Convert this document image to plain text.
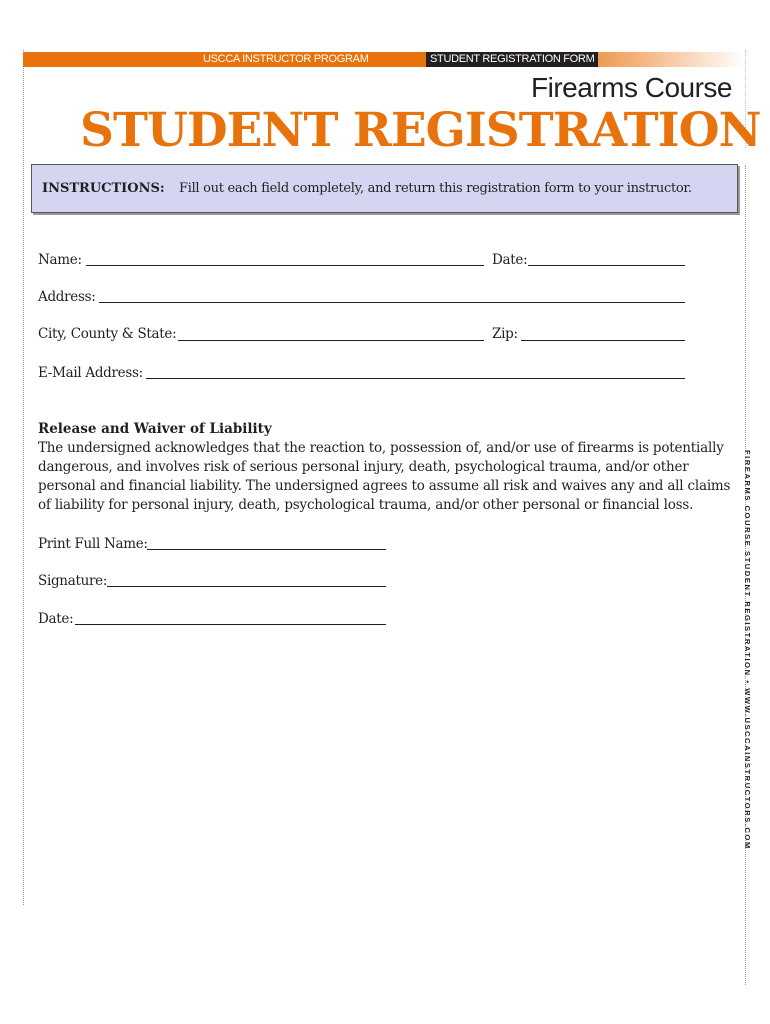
USCCA INSTRUCTOR PROGRAM	STUDENT REGISTRATION FORM
Firearms Course
STUDENT REGISTRATION
INSTRUCTIONS: Fill out each field completely, and return this registration form to your instructor.
Name:	Date:
Address:
City, County & State:	Zip:
E-Mail Address:
Release and Waiver of Liability
The undersigned acknowledges that the reaction to, possession of, and/or use of firearms is potentially dangerous, and involves risk of serious personal injury, death, psychological trauma, and/or other personal and financial liability. The undersigned agrees to assume all risk and waives any and all claims of liability for personal injury, death, psychological trauma, and/or other personal or financial loss.
Print Full Name:
Signature:
Date:	FIREARMS COURSE STUDENT REGISTRATION • WWW.USCCAINSTRUCTORS.COM
